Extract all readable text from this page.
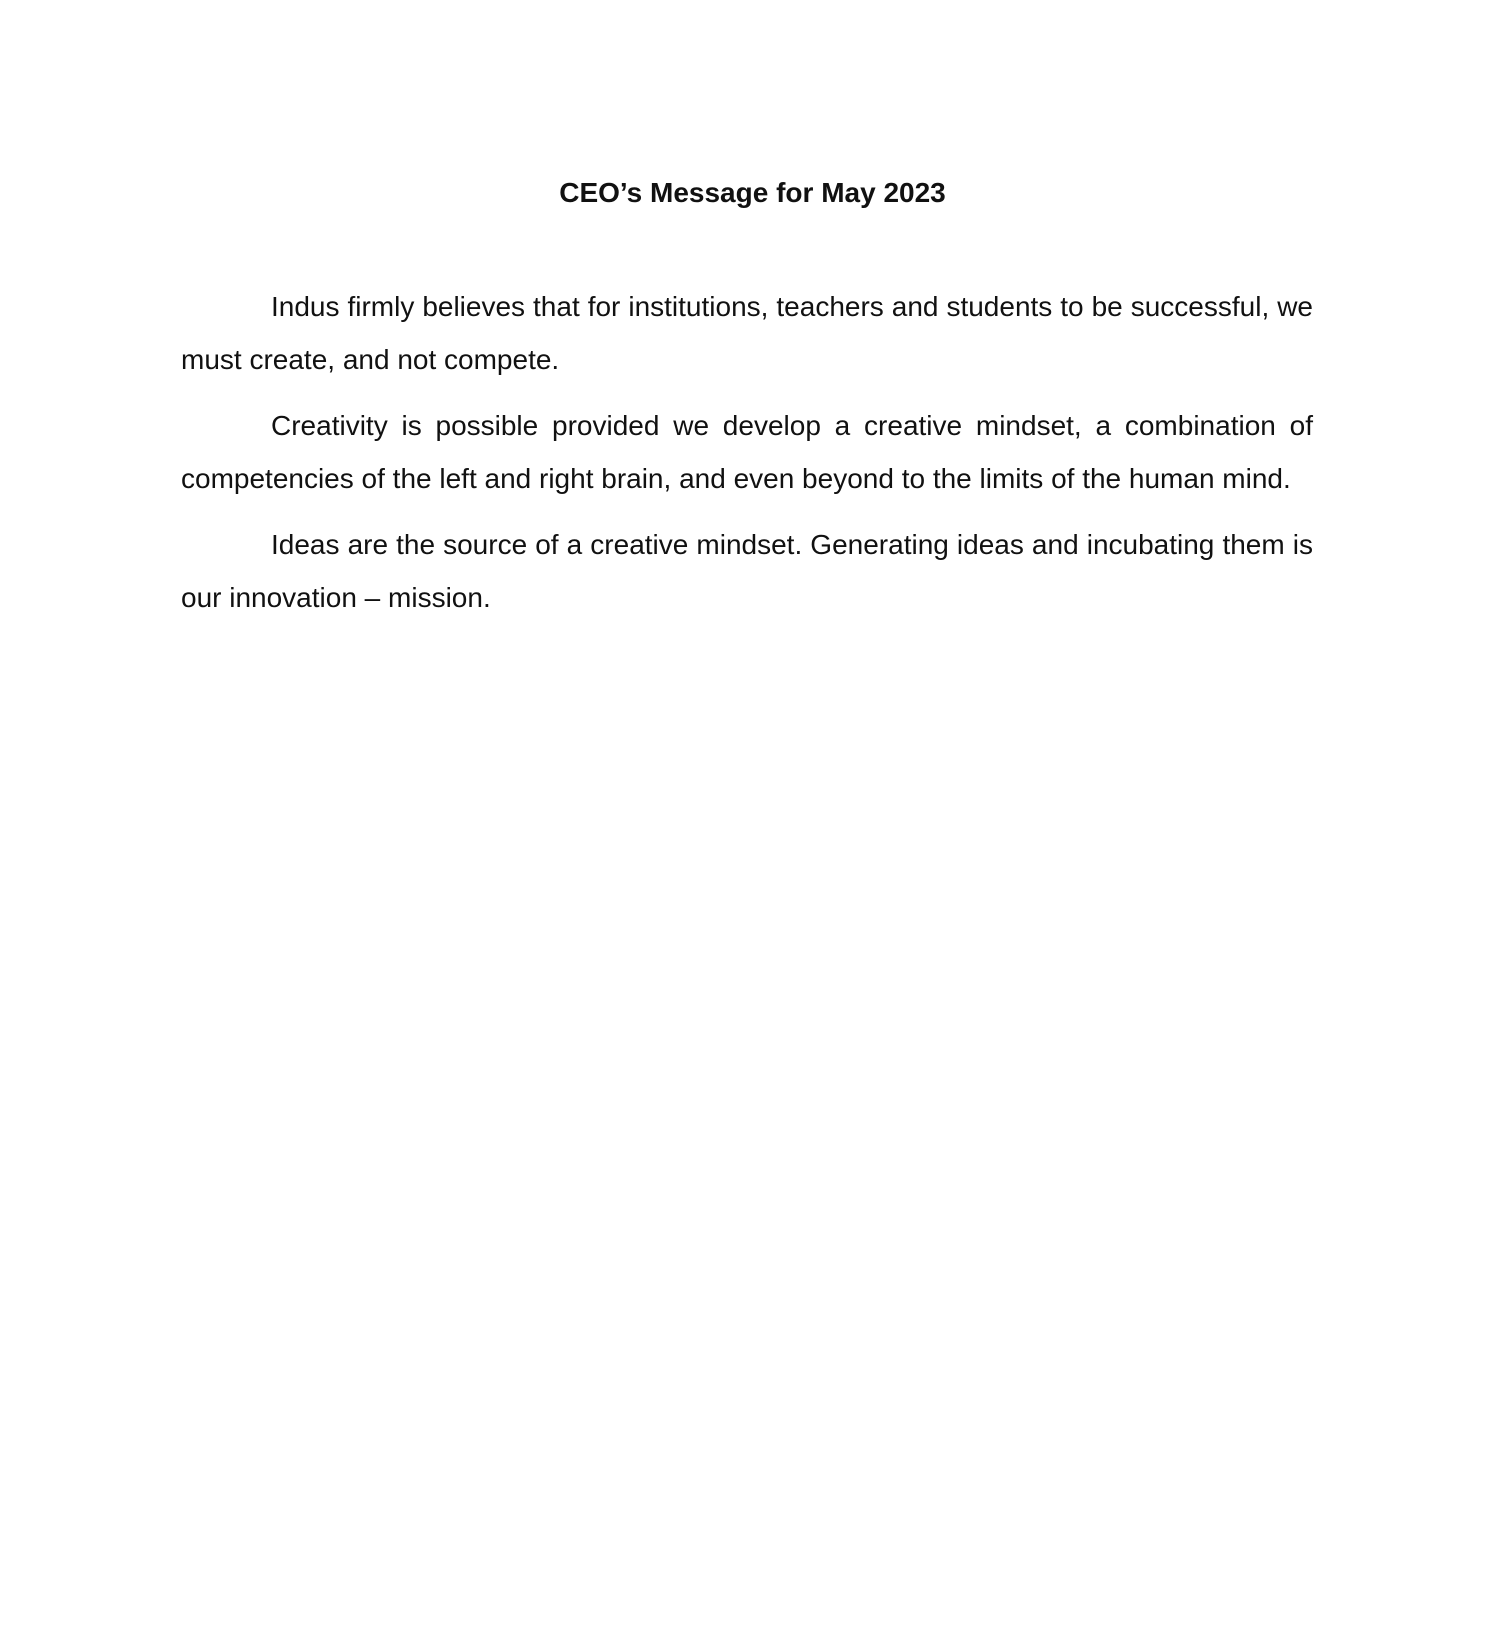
CEO’s Message for May 2023

Indus firmly believes that for institutions, teachers and students to be successful, we must create, and not compete.

Creativity is possible provided we develop a creative mindset, a combination of competencies of the left and right brain, and even beyond to the limits of the human mind.

Ideas are the source of a creative mindset. Generating ideas and incubating them is our innovation – mission.
